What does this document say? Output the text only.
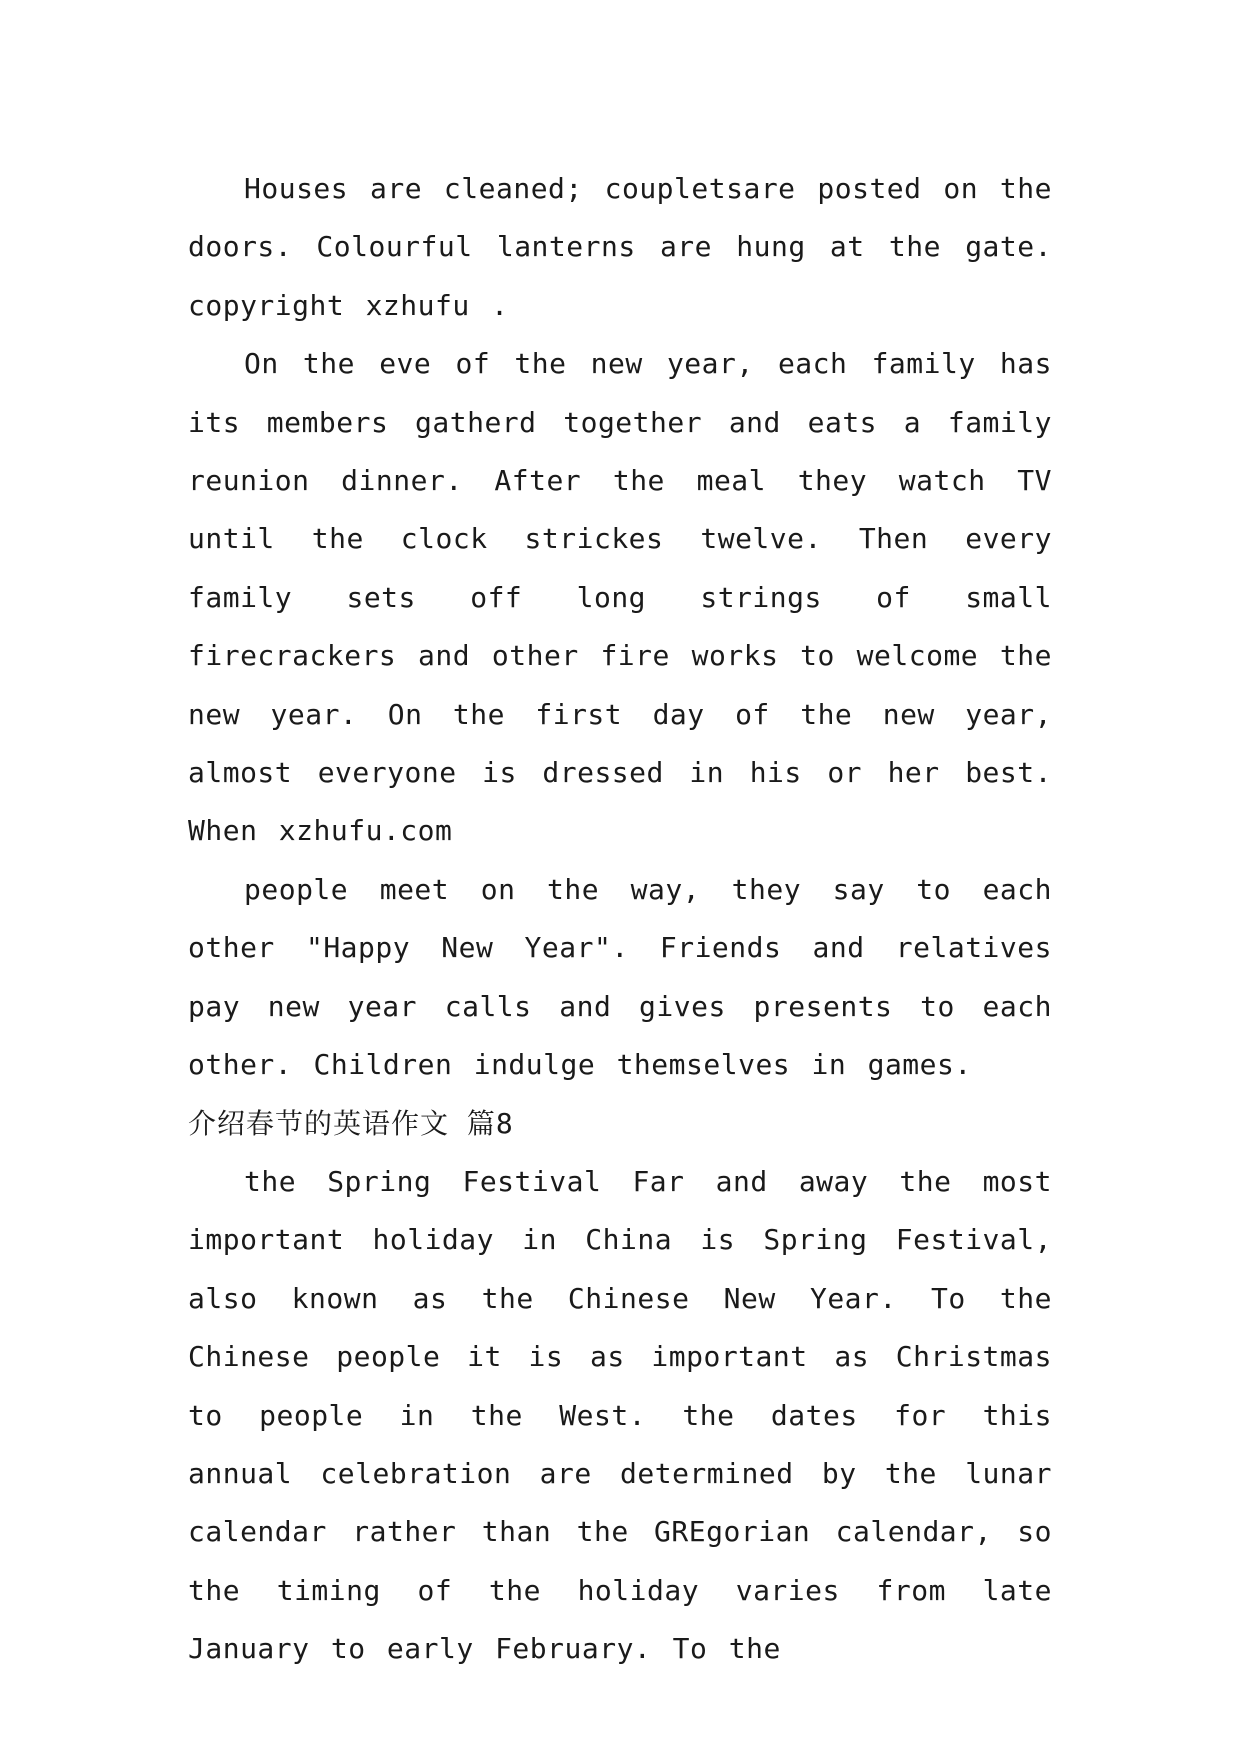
Houses are cleaned; coupletsare posted on the doors. Colourful lanterns are hung at the gate. copyright xzhufu .

On the eve of the new year, each family has its members gatherd together and eats a family reunion dinner. After the meal they watch TV until the clock strickes twelve. Then every family sets off long strings of small firecrackers and other fire works to welcome the new year. On the first day of the new year, almost everyone is dressed in his or her best. When xzhufu.com

people meet on the way, they say to each other "Happy New Year". Friends and relatives pay new year calls and gives presents to each other. Children indulge themselves in games.

介绍春节的英语作文 篇8

the Spring Festival Far and away the most important holiday in China is Spring Festival, also known as the Chinese New Year. To the Chinese people it is as important as Christmas to people in the West. the dates for this annual celebration are determined by the lunar calendar rather than the GREgorian calendar, so the timing of the holiday varies from late January to early February. To the
